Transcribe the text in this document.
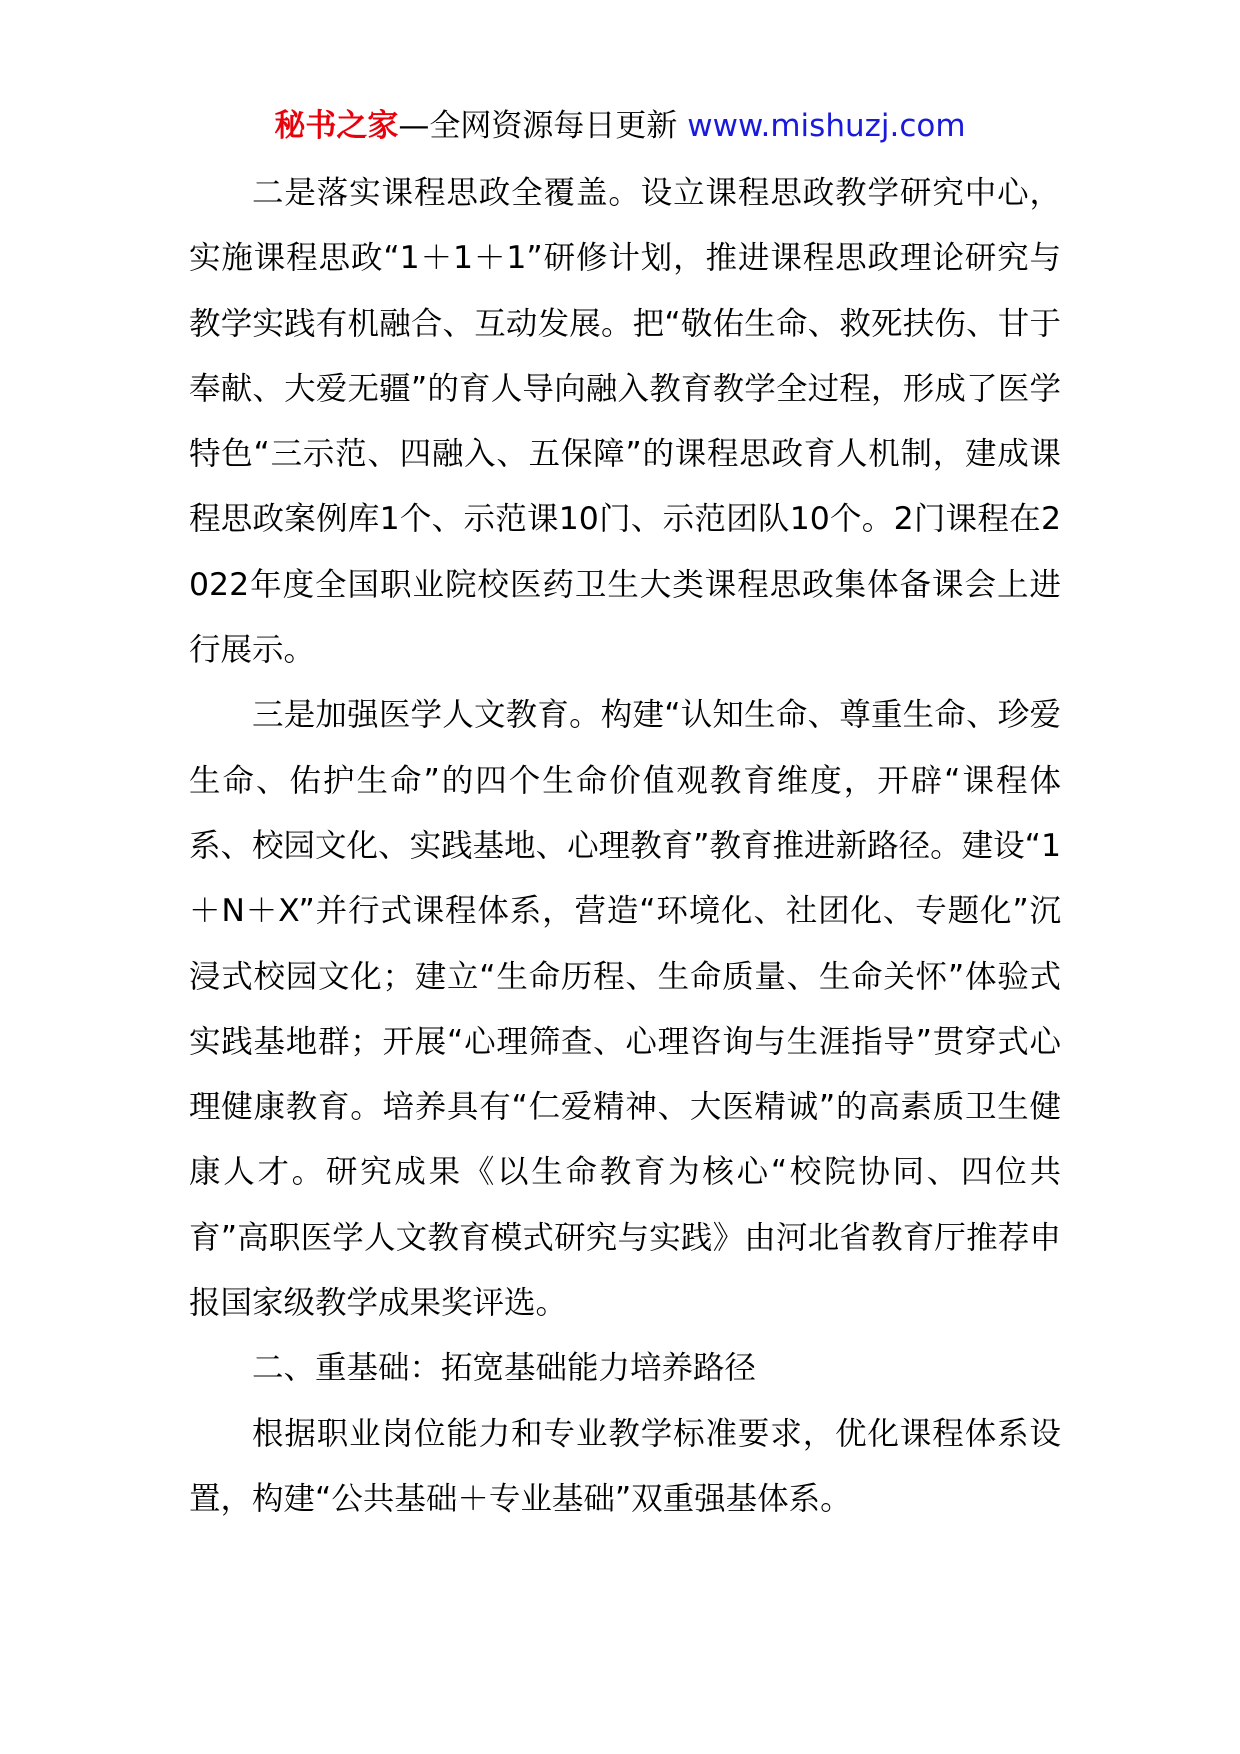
秘书之家—全网资源每日更新 www.mishuzj.com

二是落实课程思政全覆盖。设立课程思政教学研究中心，实施课程思政“1＋1＋1”研修计划，推进课程思政理论研究与教学实践有机融合、互动发展。把“敬佑生命、救死扶伤、甘于奉献、大爱无疆”的育人导向融入教育教学全过程，形成了医学特色“三示范、四融入、五保障”的课程思政育人机制，建成课程思政案例库1个、示范课10门、示范团队10个。2门课程在2022年度全国职业院校医药卫生大类课程思政集体备课会上进行展示。

三是加强医学人文教育。构建“认知生命、尊重生命、珍爱生命、佑护生命”的四个生命价值观教育维度，开辟“课程体系、校园文化、实践基地、心理教育”教育推进新路径。建设“1＋N＋X”并行式课程体系，营造“环境化、社团化、专题化”沉浸式校园文化；建立“生命历程、生命质量、生命关怀”体验式实践基地群；开展“心理筛查、心理咨询与生涯指导”贯穿式心理健康教育。培养具有“仁爱精神、大医精诚”的高素质卫生健康人才。研究成果《以生命教育为核心“校院协同、四位共育”高职医学人文教育模式研究与实践》由河北省教育厅推荐申报国家级教学成果奖评选。

二、重基础：拓宽基础能力培养路径

根据职业岗位能力和专业教学标准要求，优化课程体系设置，构建“公共基础＋专业基础”双重强基体系。
